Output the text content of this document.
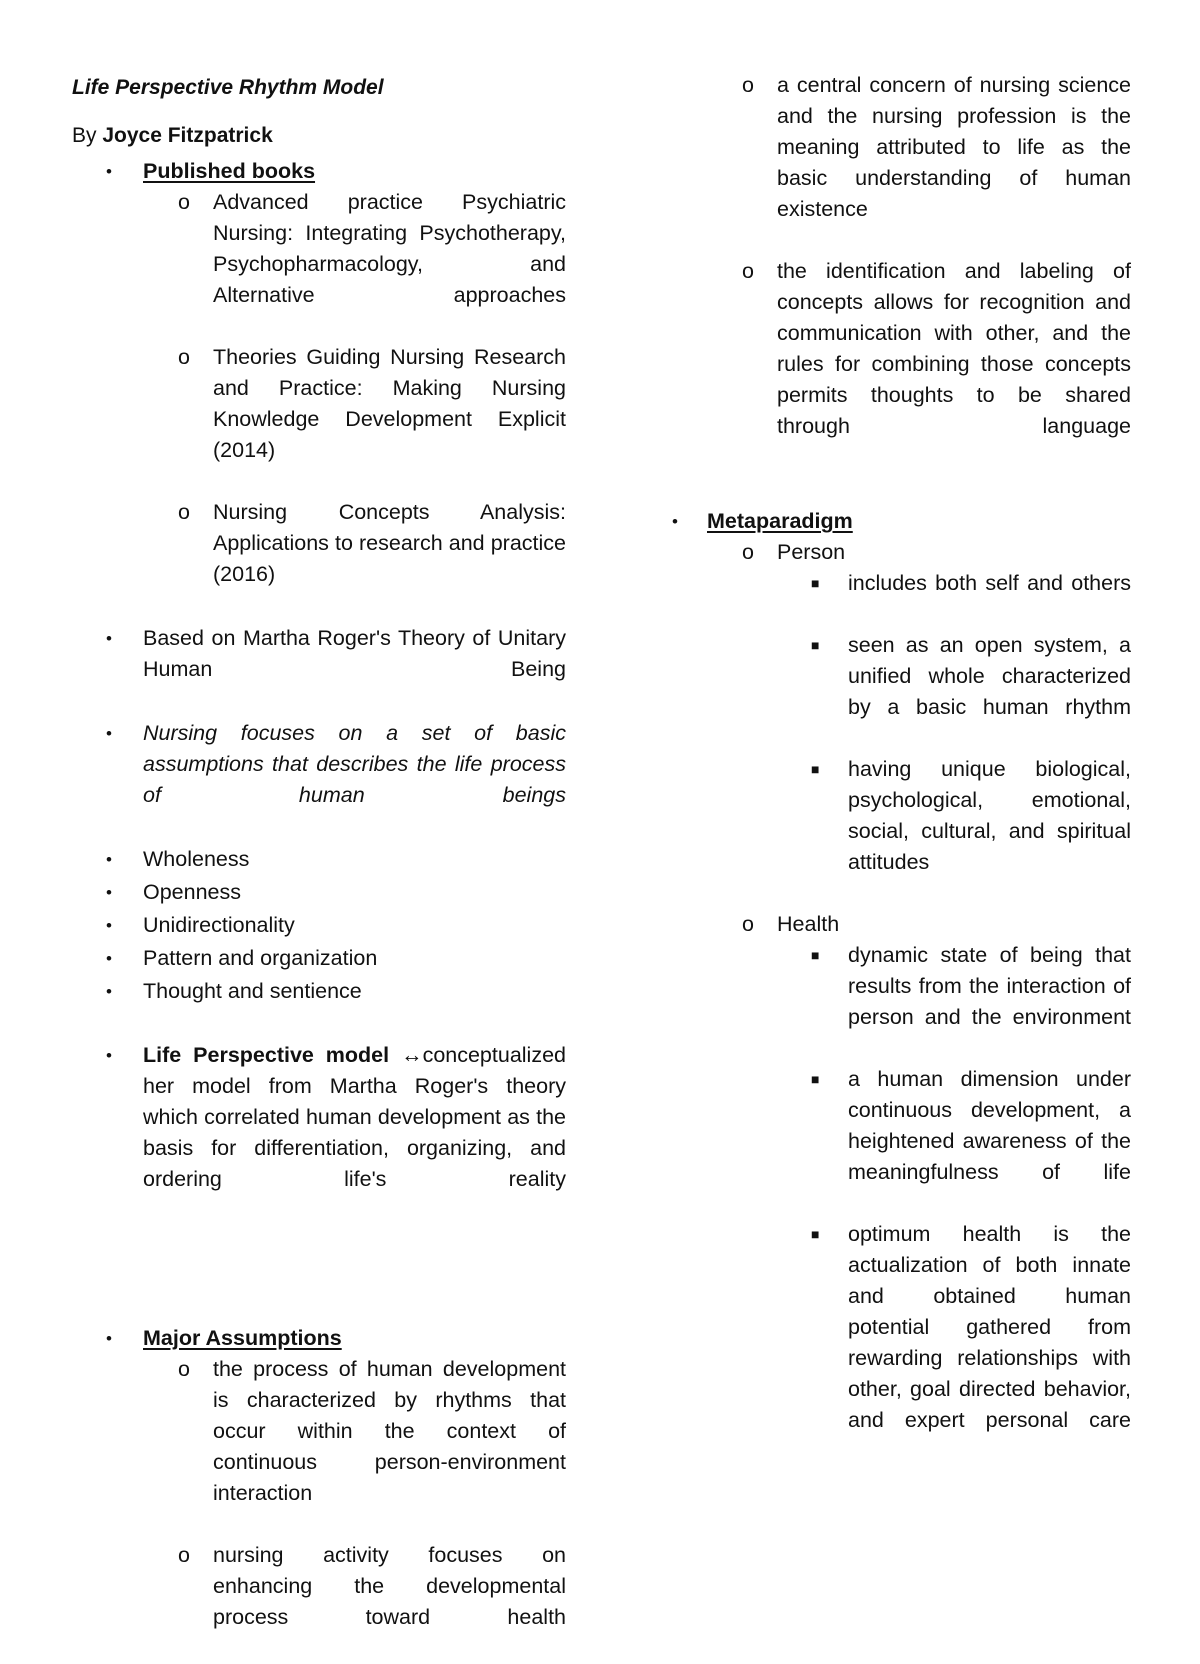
Life Perspective Rhythm Model
By Joyce Fitzpatrick
• Published books
o Advanced practice Psychiatric Nursing: Integrating Psychotherapy, Psychopharmacology, and Alternative approaches
o Theories Guiding Nursing Research and Practice: Making Nursing Knowledge Development Explicit (2014)
o Nursing Concepts Analysis: Applications to research and practice (2016)
• Based on Martha Roger's Theory of Unitary Human Being
• Nursing focuses on a set of basic assumptions that describes the life process of human beings
• Wholeness
• Openness
• Unidirectionality
• Pattern and organization
• Thought and sentience
• Life Perspective model ↔conceptualized her model from Martha Roger's theory which correlated human development as the basis for differentiation, organizing, and ordering life's reality
• Major Assumptions
o the process of human development is characterized by rhythms that occur within the context of continuous person-environment interaction
o nursing activity focuses on enhancing the developmental process toward health
o a central concern of nursing science and the nursing profession is the meaning attributed to life as the basic understanding of human existence
o the identification and labeling of concepts allows for recognition and communication with other, and the rules for combining those concepts permits thoughts to be shared through language
• Metaparadigm
o Person
■ includes both self and others
■ seen as an open system, a unified whole characterized by a basic human rhythm
■ having unique biological, psychological, emotional, social, cultural, and spiritual attitudes
o Health
■ dynamic state of being that results from the interaction of person and the environment
■ a human dimension under continuous development, a heightened awareness of the meaningfulness of life
■ optimum health is the actualization of both innate and obtained human potential gathered from rewarding relationships with other, goal directed behavior, and expert personal care
